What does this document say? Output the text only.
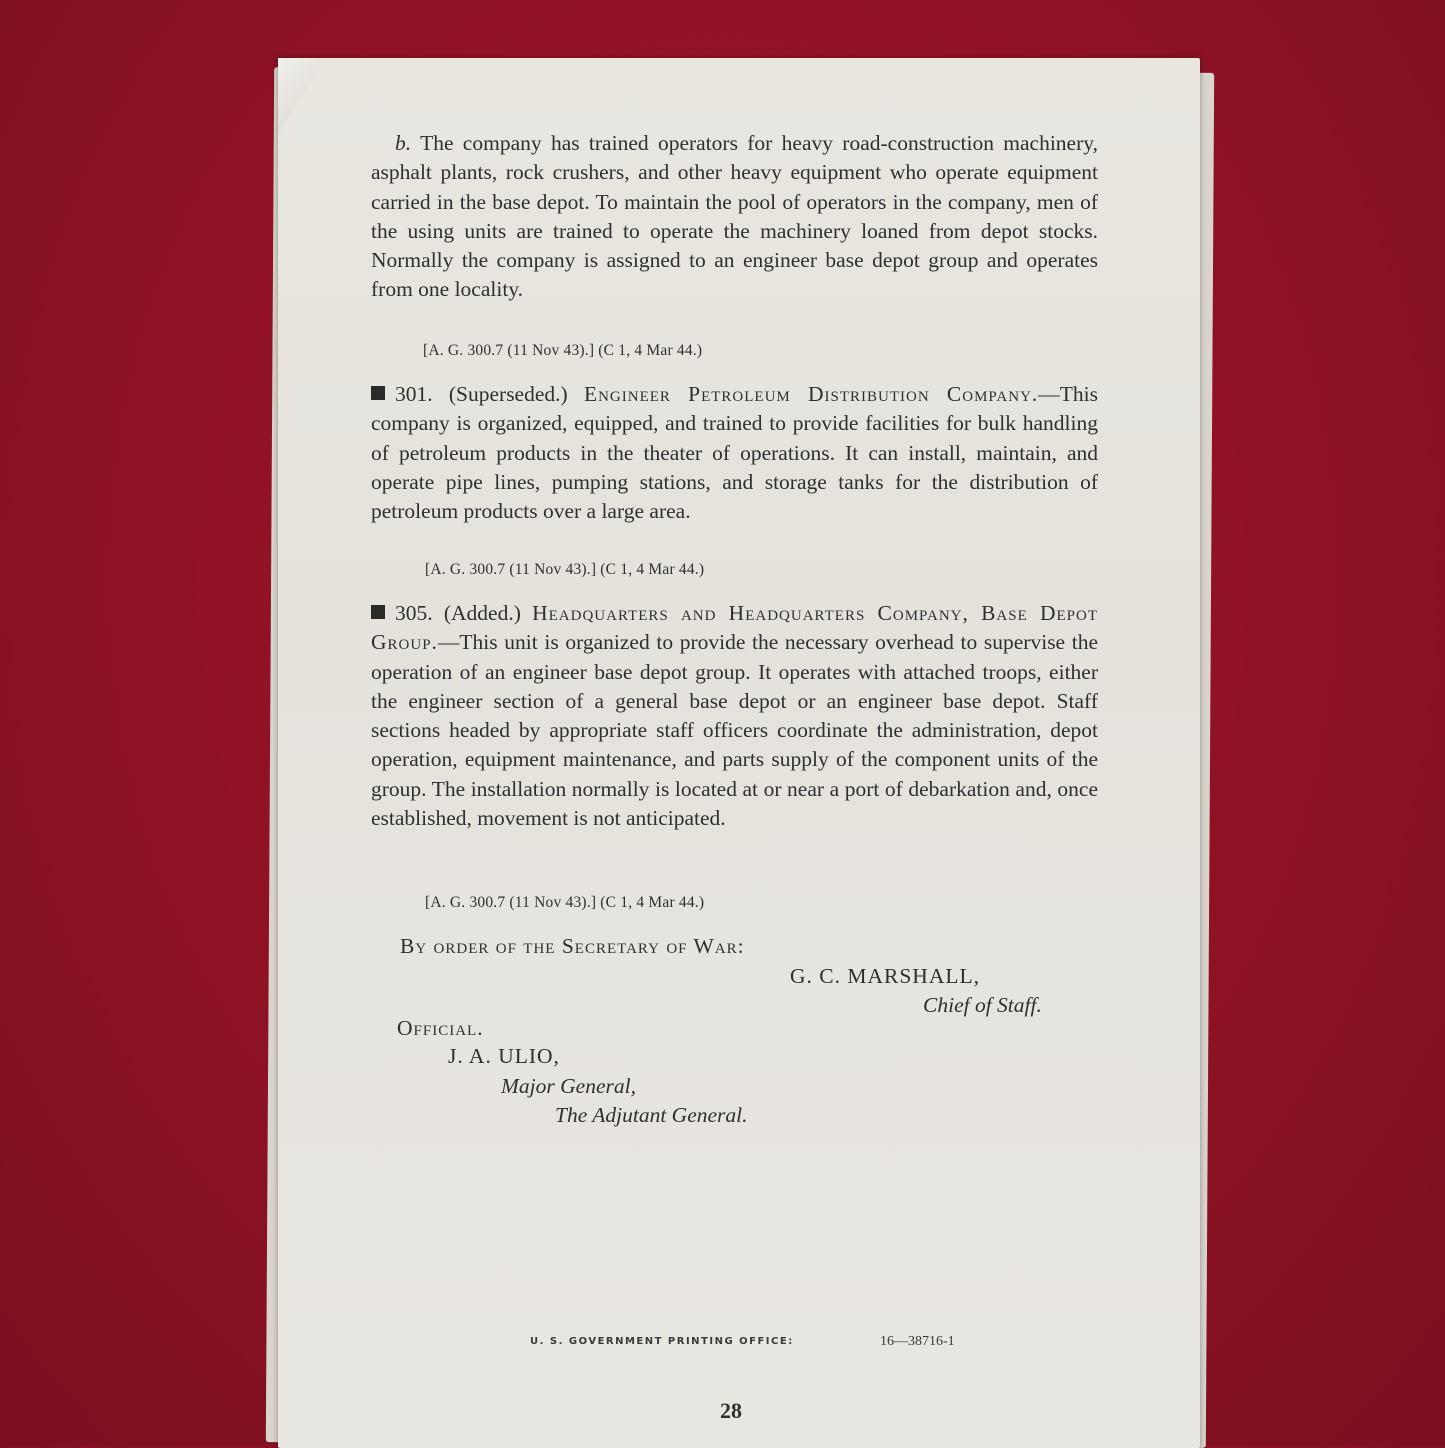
b. The company has trained operators for heavy road-construction machinery, asphalt plants, rock crushers, and other heavy equipment who operate equipment carried in the base depot. To maintain the pool of operators in the company, men of the using units are trained to operate the machinery loaned from depot stocks. Normally the company is assigned to an engineer base depot group and operates from one locality.

[A. G. 300.7 (11 Nov 43).] (C 1, 4 Mar 44.)

301. (Superseded.) Engineer Petroleum Distribution Company.—This company is organized, equipped, and trained to provide facilities for bulk handling of petroleum products in the theater of operations. It can install, maintain, and operate pipe lines, pumping stations, and storage tanks for the distribution of petroleum products over a large area.

[A. G. 300.7 (11 Nov 43).] (C 1, 4 Mar 44.)

305. (Added.) Headquarters and Headquarters Company, Base Depot Group.—This unit is organized to provide the necessary overhead to supervise the operation of an engineer base depot group. It operates with attached troops, either the engineer section of a general base depot or an engineer base depot. Staff sections headed by appropriate staff officers coordinate the administration, depot operation, equipment maintenance, and parts supply of the component units of the group. The installation normally is located at or near a port of debarkation and, once established, movement is not anticipated.

[A. G. 300.7 (11 Nov 43).] (C 1, 4 Mar 44.)
By order of the Secretary of War:
G. C. MARSHALL,
Chief of Staff.
Official.
J. A. ULIO,
Major General,
The Adjutant General.
U. S. GOVERNMENT PRINTING OFFICE:	16—38716-1
28
